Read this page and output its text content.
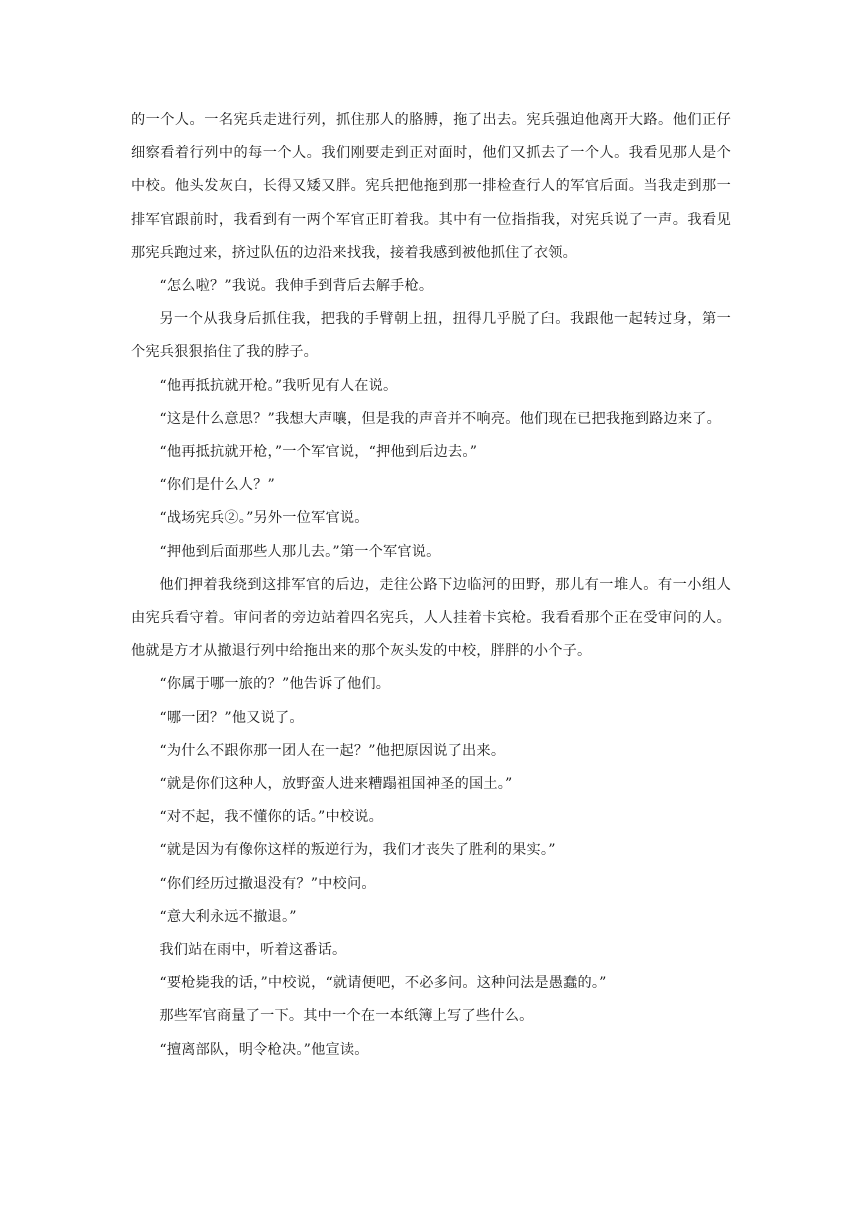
的一个人。一名宪兵走进行列，抓住那人的胳膊，拖了出去。宪兵强迫他离开大路。他们正仔细察看着行列中的每一个人。我们刚要走到正对面时，他们又抓去了一个人。我看见那人是个中校。他头发灰白，长得又矮又胖。宪兵把他拖到那一排检查行人的军官后面。当我走到那一排军官跟前时，我看到有一两个军官正盯着我。其中有一位指指我，对宪兵说了一声。我看见那宪兵跑过来，挤过队伍的边沿来找我，接着我感到被他抓住了衣领。

“怎么啦？”我说。我伸手到背后去解手枪。

另一个从我身后抓住我，把我的手臂朝上扭，扭得几乎脱了臼。我跟他一起转过身，第一个宪兵狠狠掐住了我的脖子。

“他再抵抗就开枪。”我听见有人在说。

“这是什么意思？”我想大声嚷，但是我的声音并不响亮。他们现在已把我拖到路边来了。

“他再抵抗就开枪，”一个军官说，“押他到后边去。”

“你们是什么人？”

“战场宪兵②。”另外一位军官说。

“押他到后面那些人那儿去。”第一个军官说。

他们押着我绕到这排军官的后边，走往公路下边临河的田野，那儿有一堆人。有一小组人由宪兵看守着。审问者的旁边站着四名宪兵，人人挂着卡宾枪。我看看那个正在受审问的人。他就是方才从撤退行列中给拖出来的那个灰头发的中校，胖胖的小个子。

“你属于哪一旅的？”他告诉了他们。

“哪一团？”他又说了。

“为什么不跟你那一团人在一起？”他把原因说了出来。

“就是你们这种人，放野蛮人进来糟蹋祖国神圣的国土。”

“对不起，我不懂你的话。”中校说。

“就是因为有像你这样的叛逆行为，我们才丧失了胜利的果实。”

“你们经历过撤退没有？”中校问。

“意大利永远不撤退。”

我们站在雨中，听着这番话。

“要枪毙我的话，”中校说，“就请便吧，不必多问。这种问法是愚蠢的。”

那些军官商量了一下。其中一个在一本纸簿上写了些什么。

“擅离部队，明令枪决。”他宣读。
